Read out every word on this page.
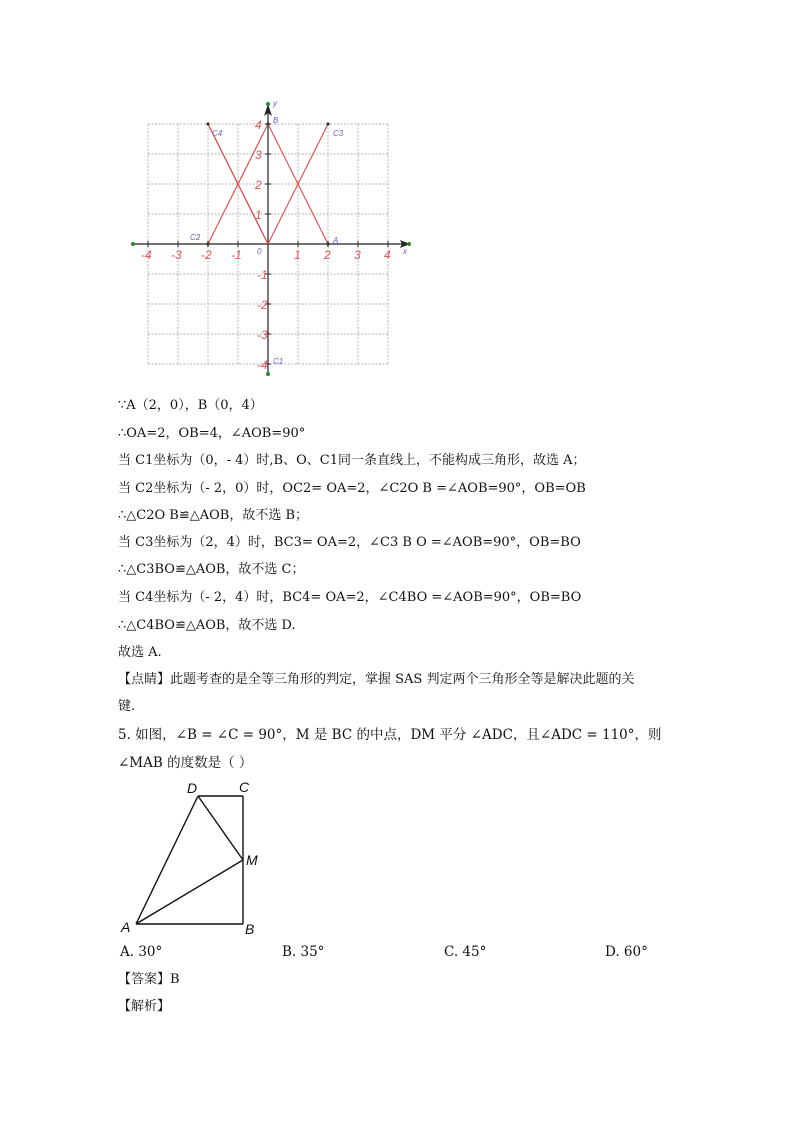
-4 -3 -2 -1	1 2 3 4
4
3
2
1
-1
-2
-3
-4
0	x
y
B
A
C1
C2
C3
C4
∵A（2，0），B（0，4）
∴OA=2，OB=4，∠AOB=90°
当 C1坐标为（0，- 4）时,B、O、C1同一条直线上，不能构成三角形，故选 A；
当 C2坐标为（- 2，0）时，OC2= OA=2，∠C2O B =∠AOB=90°，OB=OB
∴△C2O B≌△AOB，故不选 B；
当 C3坐标为（2，4）时，BC3= OA=2，∠C3 B O =∠AOB=90°，OB=BO
∴△C3BO≌△AOB，故不选 C；
当 C4坐标为（- 2，4）时，BC4= OA=2，∠C4BO =∠AOB=90°，OB=BO
∴△C4BO≌△AOB，故不选 D.
故选 A.
【点睛】此题考查的是全等三角形的判定，掌握 SAS 判定两个三角形全等是解决此题的关
键.
5. 如图，∠B = ∠C = 90°，M 是 BC 的中点，DM 平分 ∠ADC，且∠ADC = 110°，则
∠MAB 的度数是（ ）
D	C
M
A	B
A. 30°	B. 35°	C. 45°	D. 60°
【答案】B
【解析】
